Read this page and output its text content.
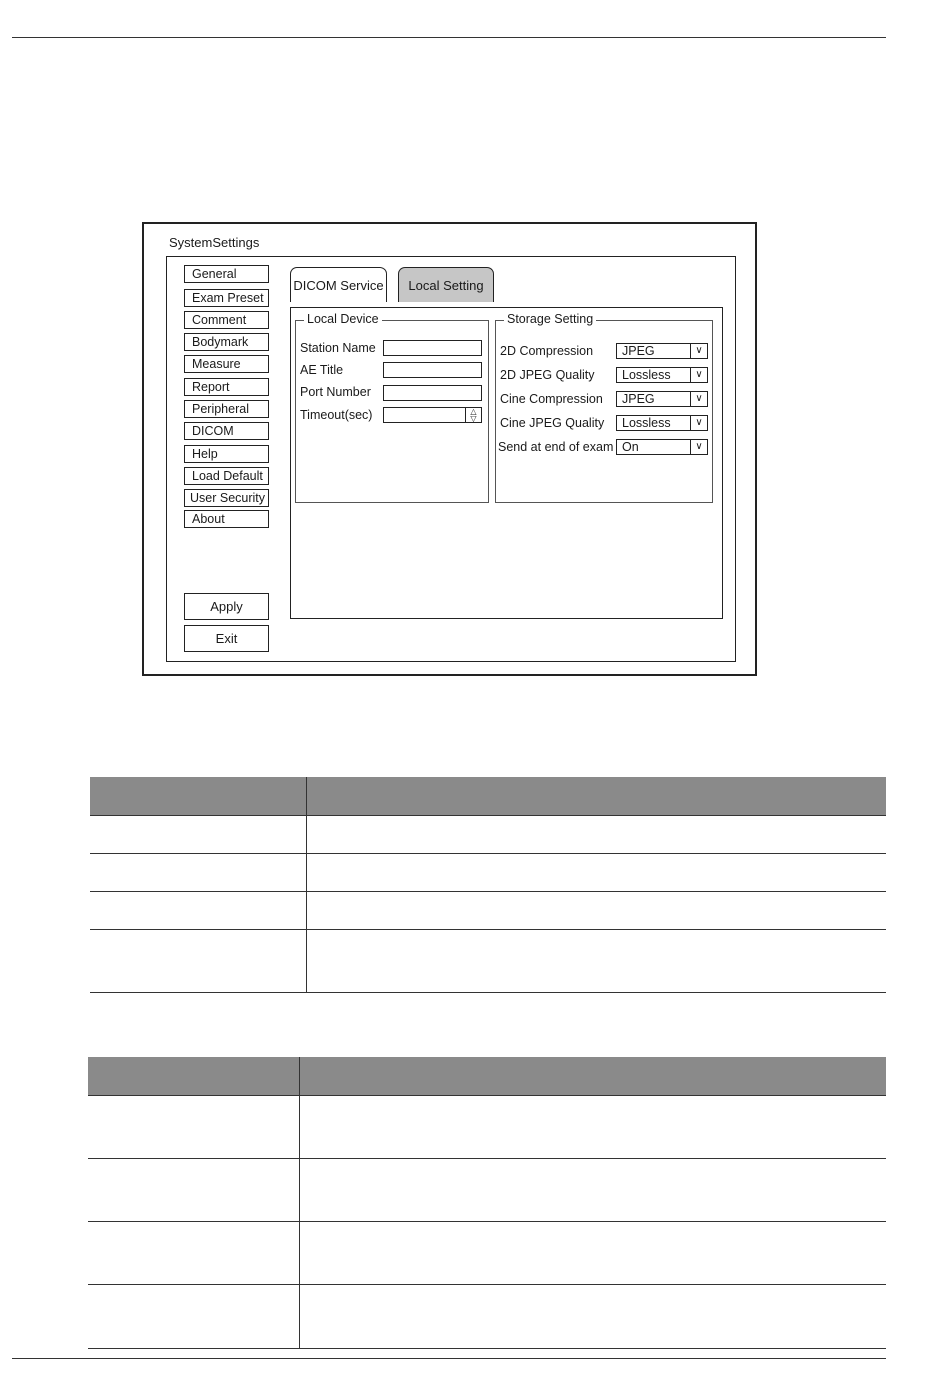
SystemSettings
General
Exam Preset
Comment
Bodymark
Measure
Report
Peripheral
DICOM
Help
Load Default
User Security
About
Apply
Exit
DICOM Service	Local Setting
Local Device
Station Name
AE Title
Port Number
Timeout(sec)	△
▽
Storage Setting
2D Compression	JPEG	∨
2D JPEG Quality	Lossless	∨
Cine Compression	JPEG	∨
Cine JPEG Quality	Lossless	∨
Send at end of exam On	∨
